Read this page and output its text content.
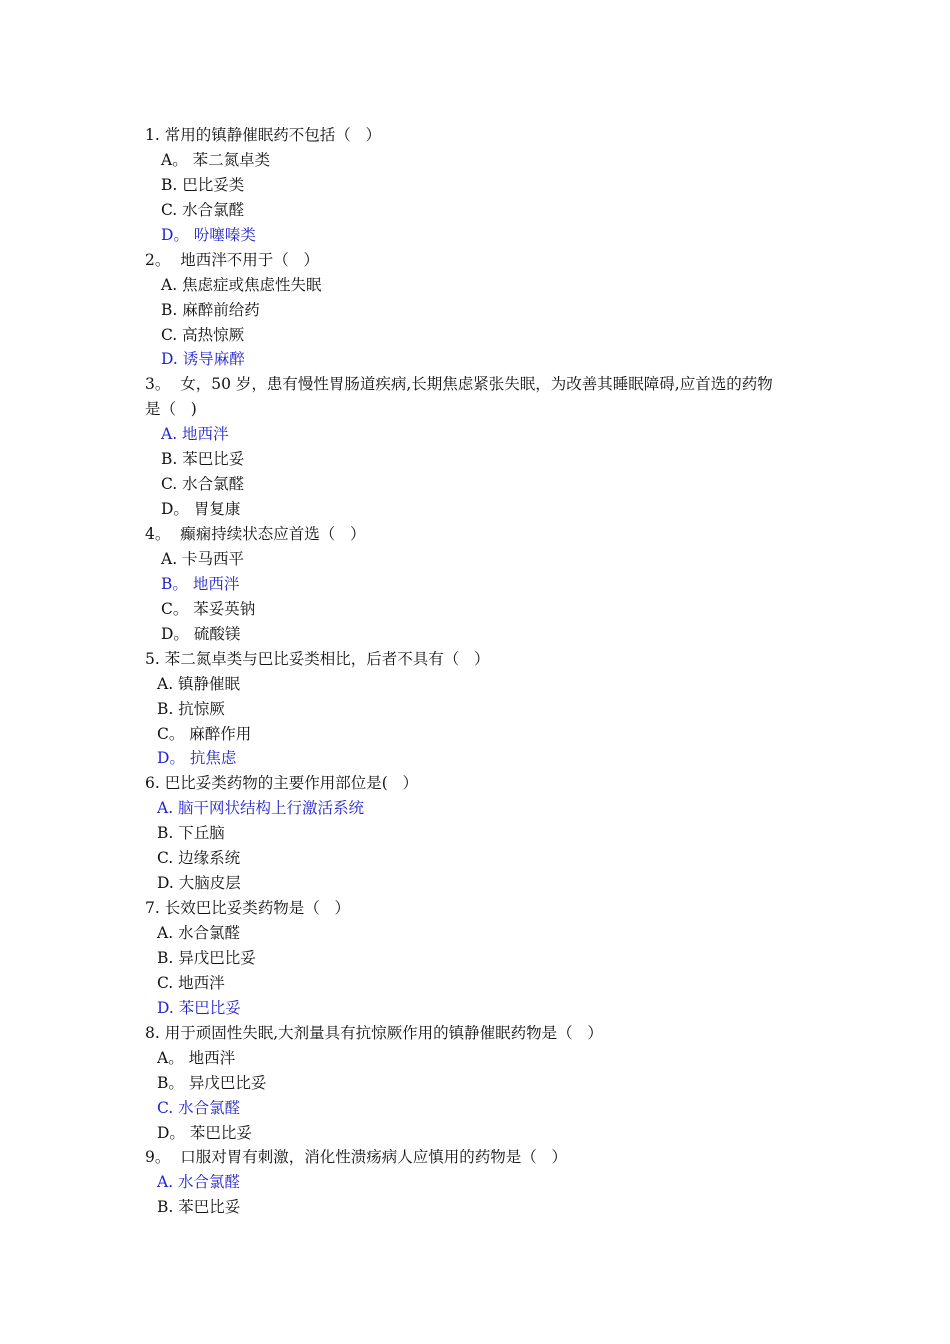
1. 常用的镇静催眠药不包括（   ）
A。 苯二氮卓类
B. 巴比妥类
C. 水合氯醛
D。 吩噻嗪类
2。  地西泮不用于（   ）
A. 焦虑症或焦虑性失眠
B. 麻醉前给药
C. 高热惊厥
D. 诱导麻醉
3。  女，50 岁，患有慢性胃肠道疾病,长期焦虑紧张失眠，为改善其睡眠障碍,应首选的药物
是（   )
A. 地西泮
B. 苯巴比妥
C. 水合氯醛
D。 胃复康
4。  癫痫持续状态应首选（   ）
A. 卡马西平
B。 地西泮
C。 苯妥英钠
D。 硫酸镁
5. 苯二氮卓类与巴比妥类相比，后者不具有（   ）
A. 镇静催眠
B. 抗惊厥
C。 麻醉作用
D。 抗焦虑
6. 巴比妥类药物的主要作用部位是(   ）
A. 脑干网状结构上行激活系统
B. 下丘脑
C. 边缘系统
D. 大脑皮层
7. 长效巴比妥类药物是（   ）
A. 水合氯醛
B. 异戊巴比妥
C. 地西泮
D. 苯巴比妥
8. 用于顽固性失眠,大剂量具有抗惊厥作用的镇静催眠药物是（   ）
A。 地西泮
B。 异戊巴比妥
C. 水合氯醛
D。 苯巴比妥
9。  口服对胃有刺激，消化性溃疡病人应慎用的药物是（   ）
A. 水合氯醛
B. 苯巴比妥
